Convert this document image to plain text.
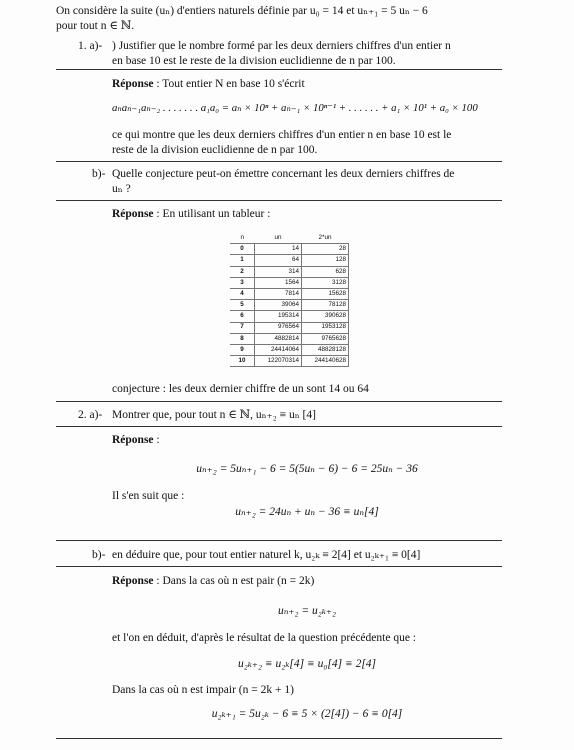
On considère la suite (uₙ) d'entiers naturels définie par u₀ = 14 et uₙ₊₁ = 5 uₙ − 6
pour tout n ∈ ℕ.
1. a)- ) Justifier que le nombre formé par les deux derniers chiffres d'un entier n
en base 10 est le reste de la division euclidienne de n par 100.
Réponse : Tout entier N en base 10 s'écrit
aₙaₙ₋₁aₙ₋₂ . . . . . . . a₁a₀ = aₙ × 10ⁿ + aₙ₋₁ × 10ⁿ⁻¹ + . . . . . . + a₁ × 10¹ + a₀ × 100
ce qui montre que les deux derniers chiffres d'un entier n en base 10 est le
reste de la division euclidienne de n par 100.
b)- Quelle conjecture peut-on émettre concernant les deux derniers chiffres de
uₙ ?
Réponse : En utilisant un tableur :
n	un	2*un
0	14	28
1	64	128
2	314	628
3	1564	3128
4	7814	15628
5	39064	78128
6	195314	390628
7	976564	1953128
8	4882814	9765628
9	24414064	48828128
10	122070314	244140628
conjecture : les deux dernier chiffre de un sont 14 ou 64
2. a)- Montrer que, pour tout n ∈ ℕ, uₙ₊₂ ≡ uₙ [4]
Réponse :
uₙ₊₂ = 5uₙ₊₁ − 6 = 5(5uₙ − 6) − 6 = 25uₙ − 36
Il s'en suit que :
uₙ₊₂ = 24uₙ + uₙ − 36 ≡ uₙ[4]
b)- en déduire que, pour tout entier naturel k, u₂ₖ ≡ 2[4] et u₂ₖ₊₁ ≡ 0[4]
Réponse : Dans la cas où n est pair (n = 2k)
uₙ₊₂ = u₂ₖ₊₂
et l'on en déduit, d'après le résultat de la question précédente que :
u₂ₖ₊₂ ≡ u₂ₖ[4] ≡ u₀[4] ≡ 2[4]
Dans la cas où n est impair (n = 2k + 1)
u₂ₖ₊₁ = 5u₂ₖ − 6 ≡ 5 × (2[4]) − 6 ≡ 0[4]
